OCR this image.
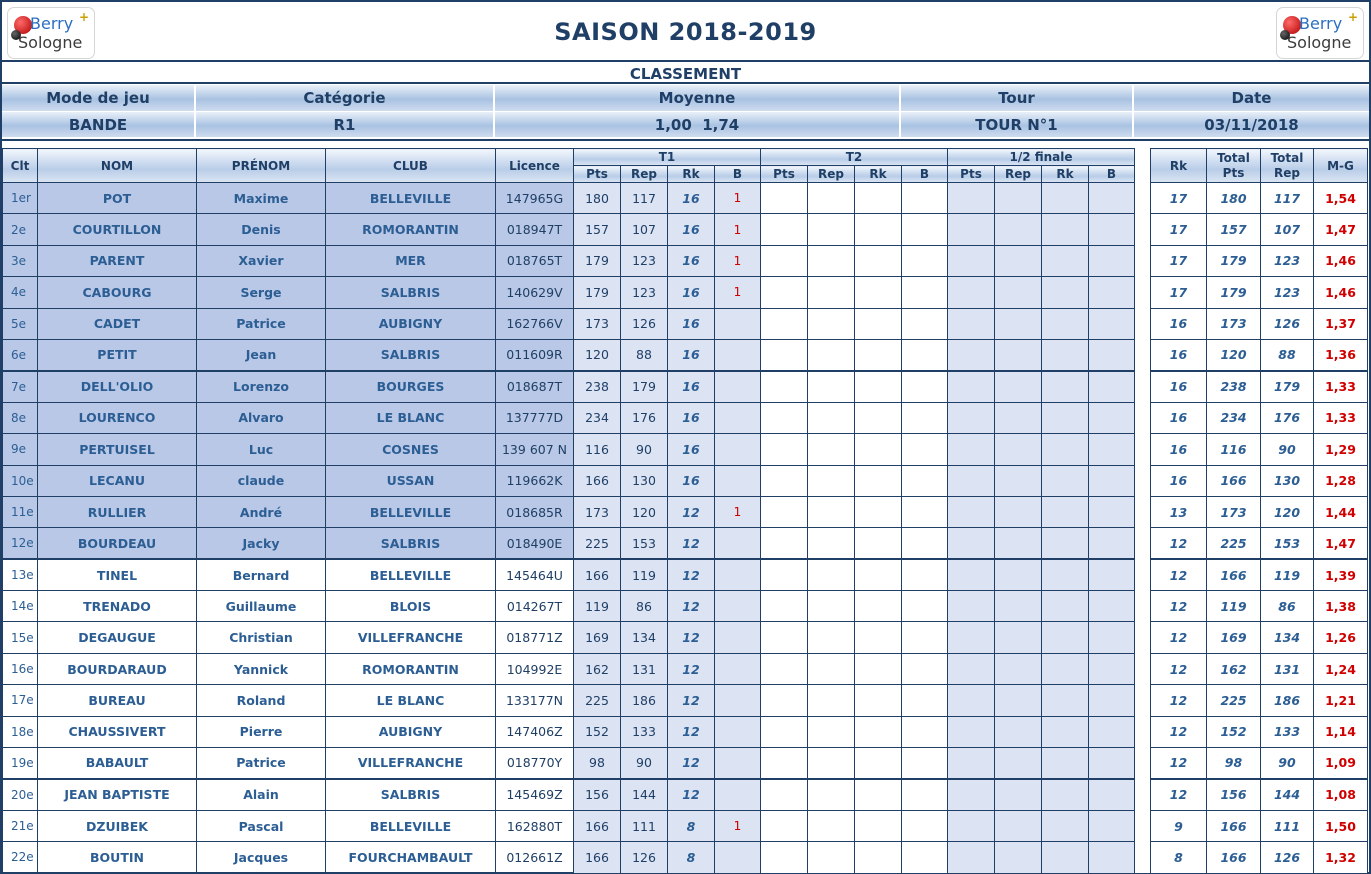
Berry
Sologne
+
SAISON 2018-2019	Berry
Sologne
+
CLASSEMENT
Mode de jeu	Catégorie	Moyenne	Tour	Date
BANDE	R1	1,00  1,74	TOUR N°1	03/11/2018
Clt	NOM	PRÉNOM	CLUB	Licence	T1				T2				1/2 finale					Rk	Total Pts	Total Rep	M-G
					Pts	Rep	Rk	B	Pts	Rep	Rk	B	Pts	Rep	Rk	B					
1er	POT	Maxime	BELLEVILLE	147965G	180	117	16	1										17	180	117	1,54
2e	COURTILLON	Denis	ROMORANTIN	018947T	157	107	16	1										17	157	107	1,47
3e	PARENT	Xavier	MER	018765T	179	123	16	1										17	179	123	1,46
4e	CABOURG	Serge	SALBRIS	140629V	179	123	16	1										17	179	123	1,46
5e	CADET	Patrice	AUBIGNY	162766V	173	126	16											16	173	126	1,37
6e	PETIT	Jean	SALBRIS	011609R	120	88	16											16	120	88	1,36
7e	DELL'OLIO	Lorenzo	BOURGES	018687T	238	179	16											16	238	179	1,33
8e	LOURENCO	Alvaro	LE BLANC	137777D	234	176	16											16	234	176	1,33
9e	PERTUISEL	Luc	COSNES	139 607 N	116	90	16											16	116	90	1,29
10e	LECANU	claude	USSAN	119662K	166	130	16											16	166	130	1,28
11e	RULLIER	André	BELLEVILLE	018685R	173	120	12	1										13	173	120	1,44
12e	BOURDEAU	Jacky	SALBRIS	018490E	225	153	12											12	225	153	1,47
13e	TINEL	Bernard	BELLEVILLE	145464U	166	119	12											12	166	119	1,39
14e	TRENADO	Guillaume	BLOIS	014267T	119	86	12											12	119	86	1,38
15e	DEGAUGUE	Christian	VILLEFRANCHE	018771Z	169	134	12											12	169	134	1,26
16e	BOURDARAUD	Yannick	ROMORANTIN	104992E	162	131	12											12	162	131	1,24
17e	BUREAU	Roland	LE BLANC	133177N	225	186	12											12	225	186	1,21
18e	CHAUSSIVERT	Pierre	AUBIGNY	147406Z	152	133	12											12	152	133	1,14
19e	BABAULT	Patrice	VILLEFRANCHE	018770Y	98	90	12											12	98	90	1,09
20e	JEAN BAPTISTE	Alain	SALBRIS	145469Z	156	144	12											12	156	144	1,08
21e	DZUIBEK	Pascal	BELLEVILLE	162880T	166	111	8	1										9	166	111	1,50
22e	BOUTIN	Jacques	FOURCHAMBAULT	012661Z	166	126	8											8	166	126	1,32
